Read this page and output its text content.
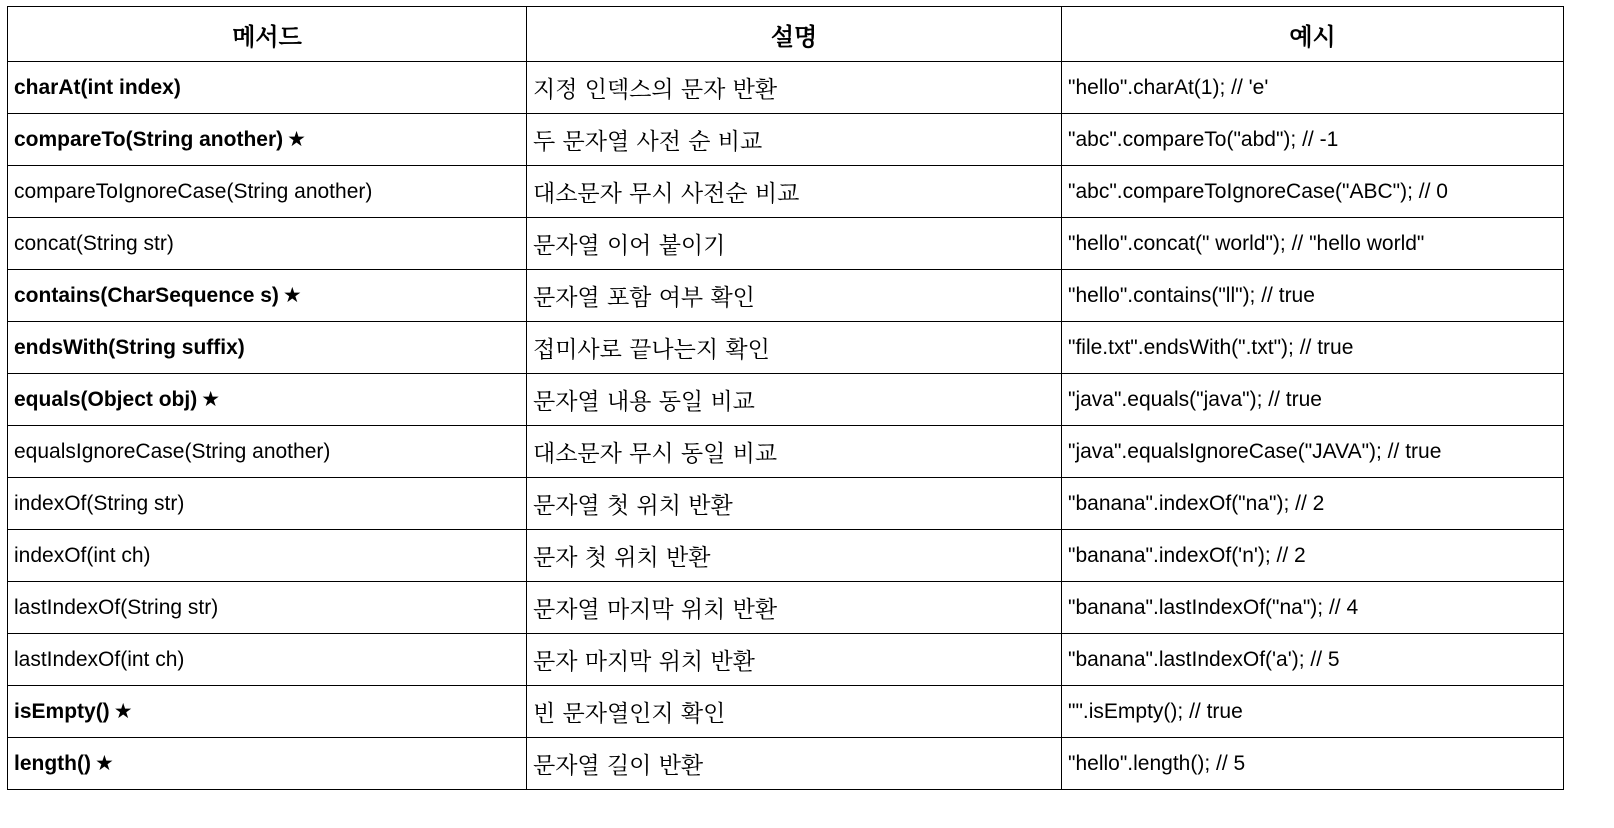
메서드	설명	예시
charAt(int index)	지정 인덱스의 문자 반환	"hello".charAt(1); // 'e'
compareTo(String another) ★	두 문자열 사전 순 비교	"abc".compareTo("abd"); // -1
compareToIgnoreCase(String another)	대소문자 무시 사전순 비교	"abc".compareToIgnoreCase("ABC"); // 0
concat(String str)	문자열 이어 붙이기	"hello".concat(" world"); // "hello world"
contains(CharSequence s) ★	문자열 포함 여부 확인	"hello".contains("ll"); // true
endsWith(String suffix)	접미사로 끝나는지 확인	"file.txt".endsWith(".txt"); // true
equals(Object obj) ★	문자열 내용 동일 비교	"java".equals("java"); // true
equalsIgnoreCase(String another)	대소문자 무시 동일 비교	"java".equalsIgnoreCase("JAVA"); // true
indexOf(String str)	문자열 첫 위치 반환	"banana".indexOf("na"); // 2
indexOf(int ch)	문자 첫 위치 반환	"banana".indexOf('n'); // 2
lastIndexOf(String str)	문자열 마지막 위치 반환	"banana".lastIndexOf("na"); // 4
lastIndexOf(int ch)	문자 마지막 위치 반환	"banana".lastIndexOf('a'); // 5
isEmpty() ★	빈 문자열인지 확인	"".isEmpty(); // true
length() ★	문자열 길이 반환	"hello".length(); // 5
